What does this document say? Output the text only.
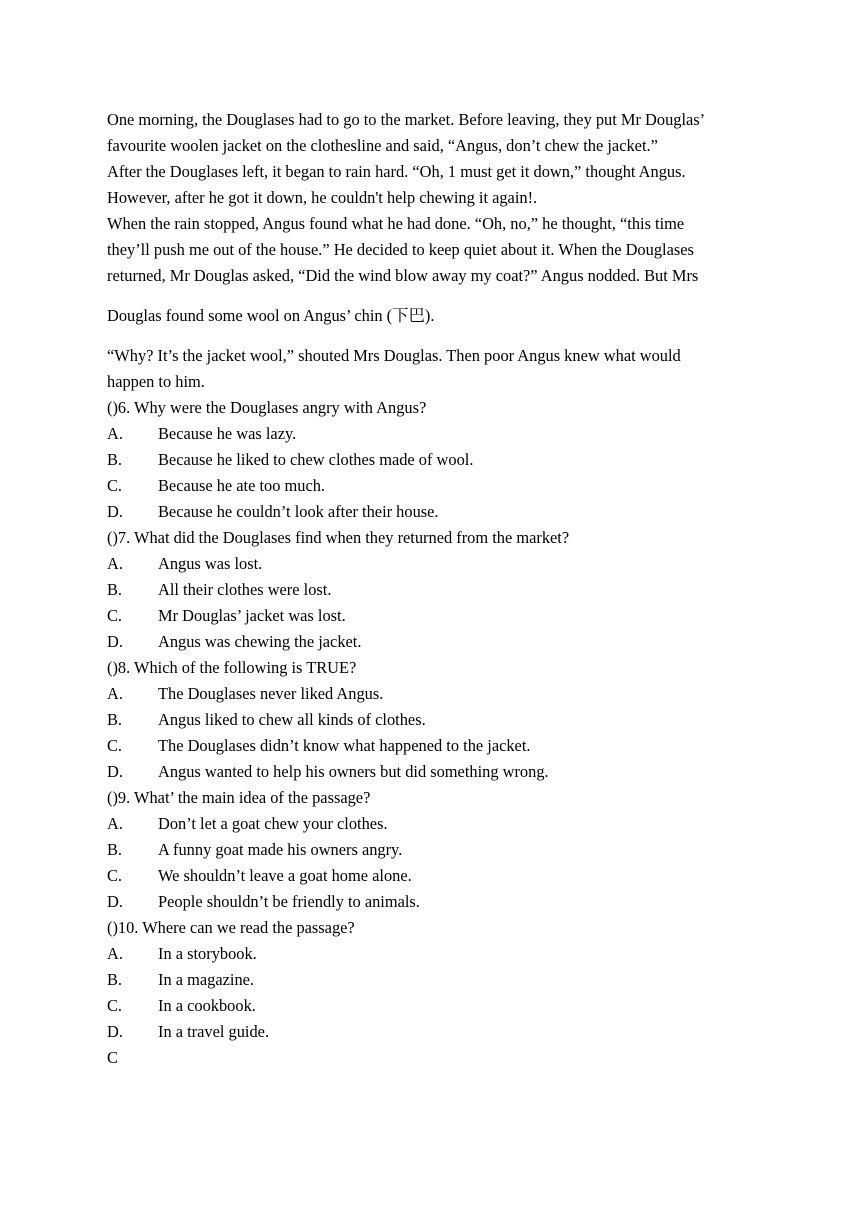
One morning, the Douglases had to go to the market. Before leaving, they put Mr Douglas’
favourite woolen jacket on the clothesline and said, “Angus, don’t chew the jacket.”
After the Douglases left, it began to rain hard. “Oh, 1 must get it down,” thought Angus.
However, after he got it down, he couldn't help chewing it again!.
When the rain stopped, Angus found what he had done. “Oh, no,” he thought, “this time
they’ll push me out of the house.” He decided to keep quiet about it. When the Douglases
returned, Mr Douglas asked, “Did the wind blow away my coat?” Angus nodded. But Mrs
Douglas found some wool on Angus’ chin (下巴).
“Why? It’s the jacket wool,” shouted Mrs Douglas. Then poor Angus knew what would
happen to him.
()6. Why were the Douglases angry with Angus?
A.	Because he was lazy.
B.	Because he liked to chew clothes made of wool.
C.	Because he ate too much.
D.	Because he couldn’t look after their house.
()7. What did the Douglases find when they returned from the market?
A.	Angus was lost.
B.	All their clothes were lost.
C.	Mr Douglas’ jacket was lost.
D.	Angus was chewing the jacket.
()8. Which of the following is TRUE?
A.	The Douglases never liked Angus.
B.	Angus liked to chew all kinds of clothes.
C.	The Douglases didn’t know what happened to the jacket.
D.	Angus wanted to help his owners but did something wrong.
()9. What’ the main idea of the passage?
A.	Don’t let a goat chew your clothes.
B.	A funny goat made his owners angry.
C.	We shouldn’t leave a goat home alone.
D.	People shouldn’t be friendly to animals.
()10. Where can we read the passage?
A.	In a storybook.
B.	In a magazine.
C.	In a cookbook.
D.	In a travel guide.
C
